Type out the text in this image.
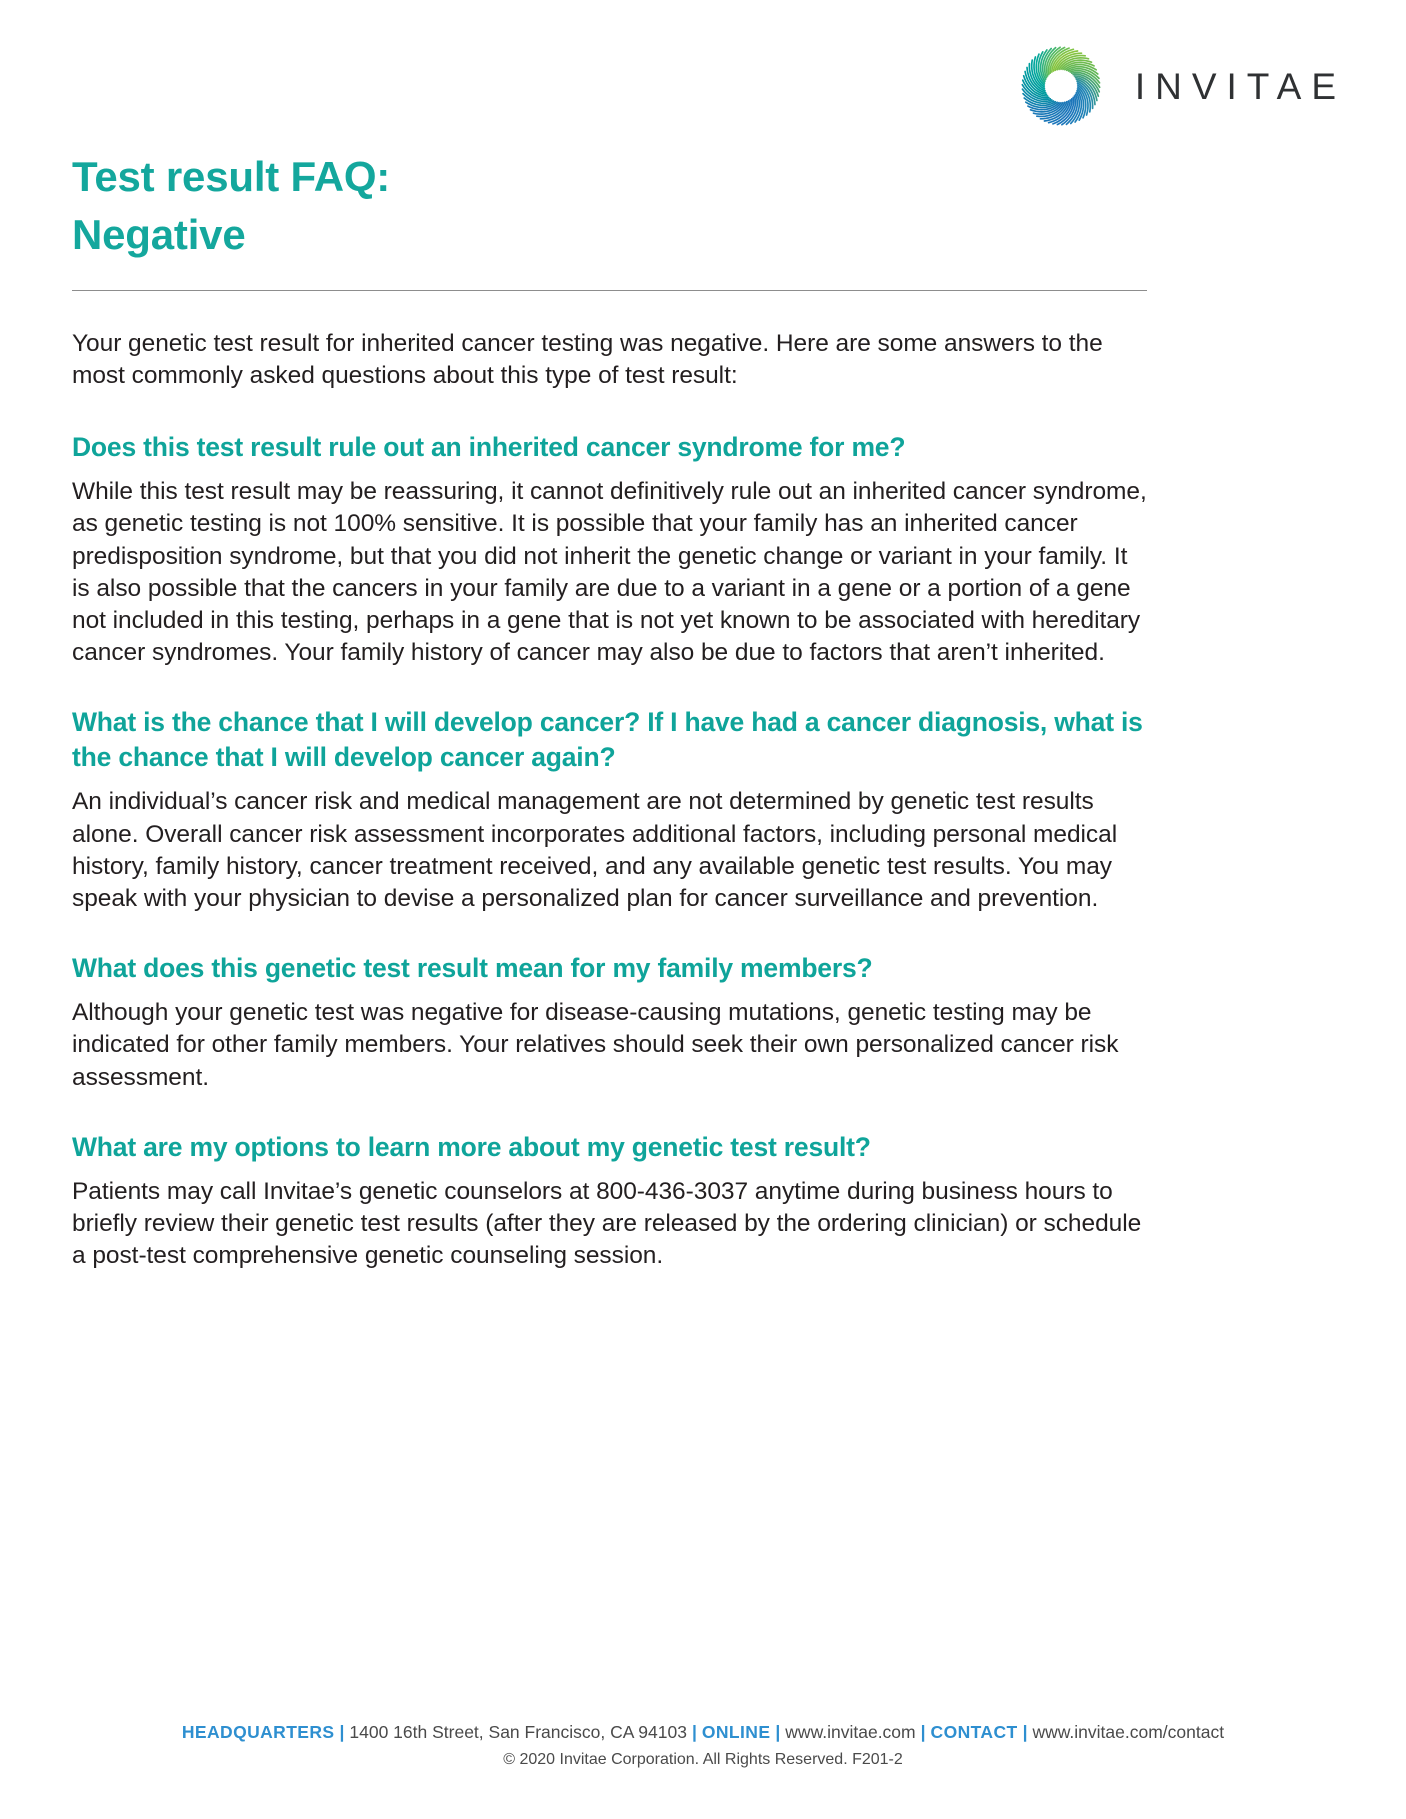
INVITAE
Test result FAQ:
Negative

Your genetic test result for inherited cancer testing was negative. Here are some answers to the most commonly asked questions about this type of test result:

Does this test result rule out an inherited cancer syndrome for me?

While this test result may be reassuring, it cannot definitively rule out an inherited cancer syndrome, as genetic testing is not 100% sensitive. It is possible that your family has an inherited cancer predisposition syndrome, but that you did not inherit the genetic change or variant in your family. It is also possible that the cancers in your family are due to a variant in a gene or a portion of a gene not included in this testing, perhaps in a gene that is not yet known to be associated with hereditary cancer syndromes. Your family history of cancer may also be due to factors that aren’t inherited.

What is the chance that I will develop cancer? If I have had a cancer diagnosis, what is the chance that I will develop cancer again?

An individual’s cancer risk and medical management are not determined by genetic test results alone. Overall cancer risk assessment incorporates additional factors, including personal medical history, family history, cancer treatment received, and any available genetic test results. You may speak with your physician to devise a personalized plan for cancer surveillance and prevention.

What does this genetic test result mean for my family members?

Although your genetic test was negative for disease-causing mutations, genetic testing may be indicated for other family members. Your relatives should seek their own personalized cancer risk assessment.

What are my options to learn more about my genetic test result?

Patients may call Invitae’s genetic counselors at 800-436-3037 anytime during business hours to briefly review their genetic test results (after they are released by the ordering clinician) or schedule a post-test comprehensive genetic counseling session.

HEADQUARTERS | 1400 16th Street, San Francisco, CA 94103 | ONLINE | www.invitae.com | CONTACT | www.invitae.com/contact
© 2020 Invitae Corporation. All Rights Reserved. F201-2
